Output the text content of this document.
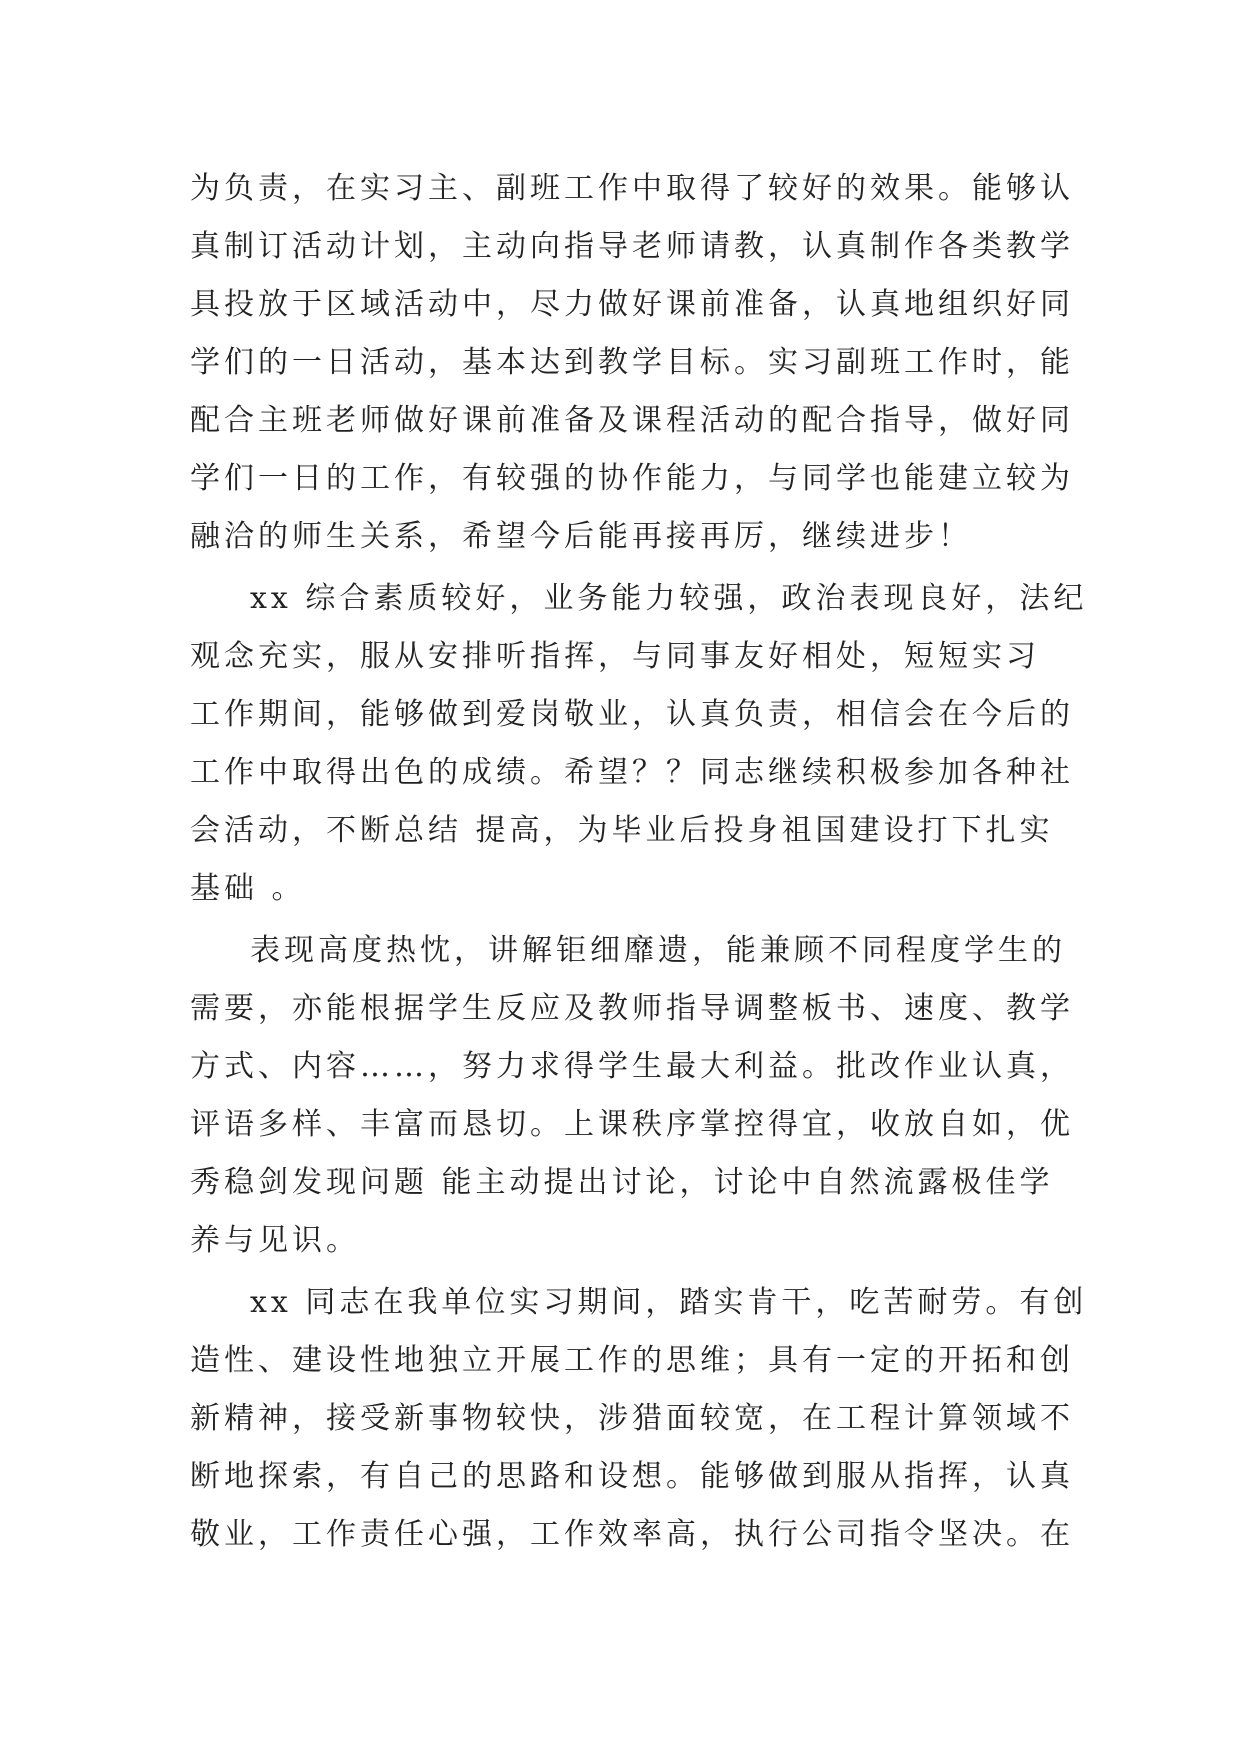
为负责，在实习主、副班工作中取得了较好的效果。能够认
真制订活动计划，主动向指导老师请教，认真制作各类教学
具投放于区域活动中，尽力做好课前准备，认真地组织好同
学们的一日活动，基本达到教学目标。实习副班工作时，能
配合主班老师做好课前准备及课程活动的配合指导，做好同
学们一日的工作，有较强的协作能力，与同学也能建立较为
融洽的师生关系，希望今后能再接再厉，继续进步！
xx 综合素质较好，业务能力较强，政治表现良好，法纪
观念充实，服从安排听指挥，与同事友好相处，短短实习
工作期间，能够做到爱岗敬业，认真负责，相信会在今后的
工作中取得出色的成绩。希望？？同志继续积极参加各种社
会活动，不断总结 提高，为毕业后投身祖国建设打下扎实
基础 。
表现高度热忱，讲解钜细靡遗，能兼顾不同程度学生的
需要，亦能根据学生反应及教师指导调整板书、速度、教学
方式、内容……，努力求得学生最大利益。批改作业认真，
评语多样、丰富而恳切。上课秩序掌控得宜，收放自如，优
秀稳剑发现问题 能主动提出讨论，讨论中自然流露极佳学
养与见识。
xx 同志在我单位实习期间，踏实肯干，吃苦耐劳。有创
造性、建设性地独立开展工作的思维；具有一定的开拓和创
新精神，接受新事物较快，涉猎面较宽，在工程计算领域不
断地探索，有自己的思路和设想。能够做到服从指挥，认真
敬业，工作责任心强，工作效率高，执行公司指令坚决。在
